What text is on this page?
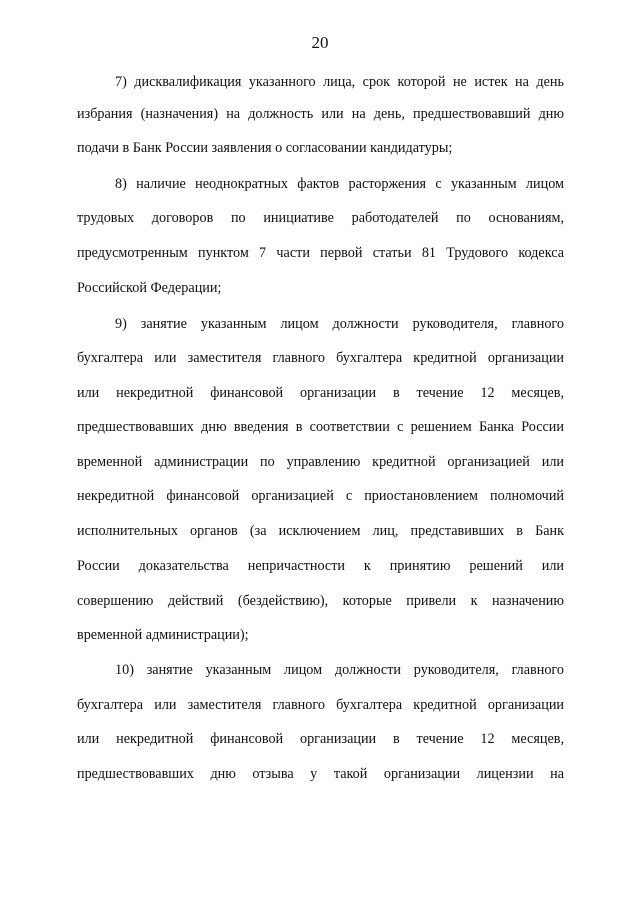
20
7) дисквалификация указанного лица, срок которой не истек на день
избрания (назначения) на должность или на день, предшествовавший дню
подачи в Банк России заявления о согласовании кандидатуры;
8) наличие неоднократных фактов расторжения с указанным лицом
трудовых договоров по инициативе работодателей по основаниям,
предусмотренным пунктом 7 части первой статьи 81 Трудового кодекса
Российской Федерации;
9) занятие указанным лицом должности руководителя, главного
бухгалтера или заместителя главного бухгалтера кредитной организации
или некредитной финансовой организации в течение 12 месяцев,
предшествовавших дню введения в соответствии с решением Банка России
временной администрации по управлению кредитной организацией или
некредитной финансовой организацией с приостановлением полномочий
исполнительных органов (за исключением лиц, представивших в Банк
России доказательства непричастности к принятию решений или
совершению действий (бездействию), которые привели к назначению
временной администрации);
10) занятие указанным лицом должности руководителя, главного
бухгалтера или заместителя главного бухгалтера кредитной организации
или некредитной финансовой организации в течение 12 месяцев,
предшествовавших дню отзыва у такой организации лицензии на
